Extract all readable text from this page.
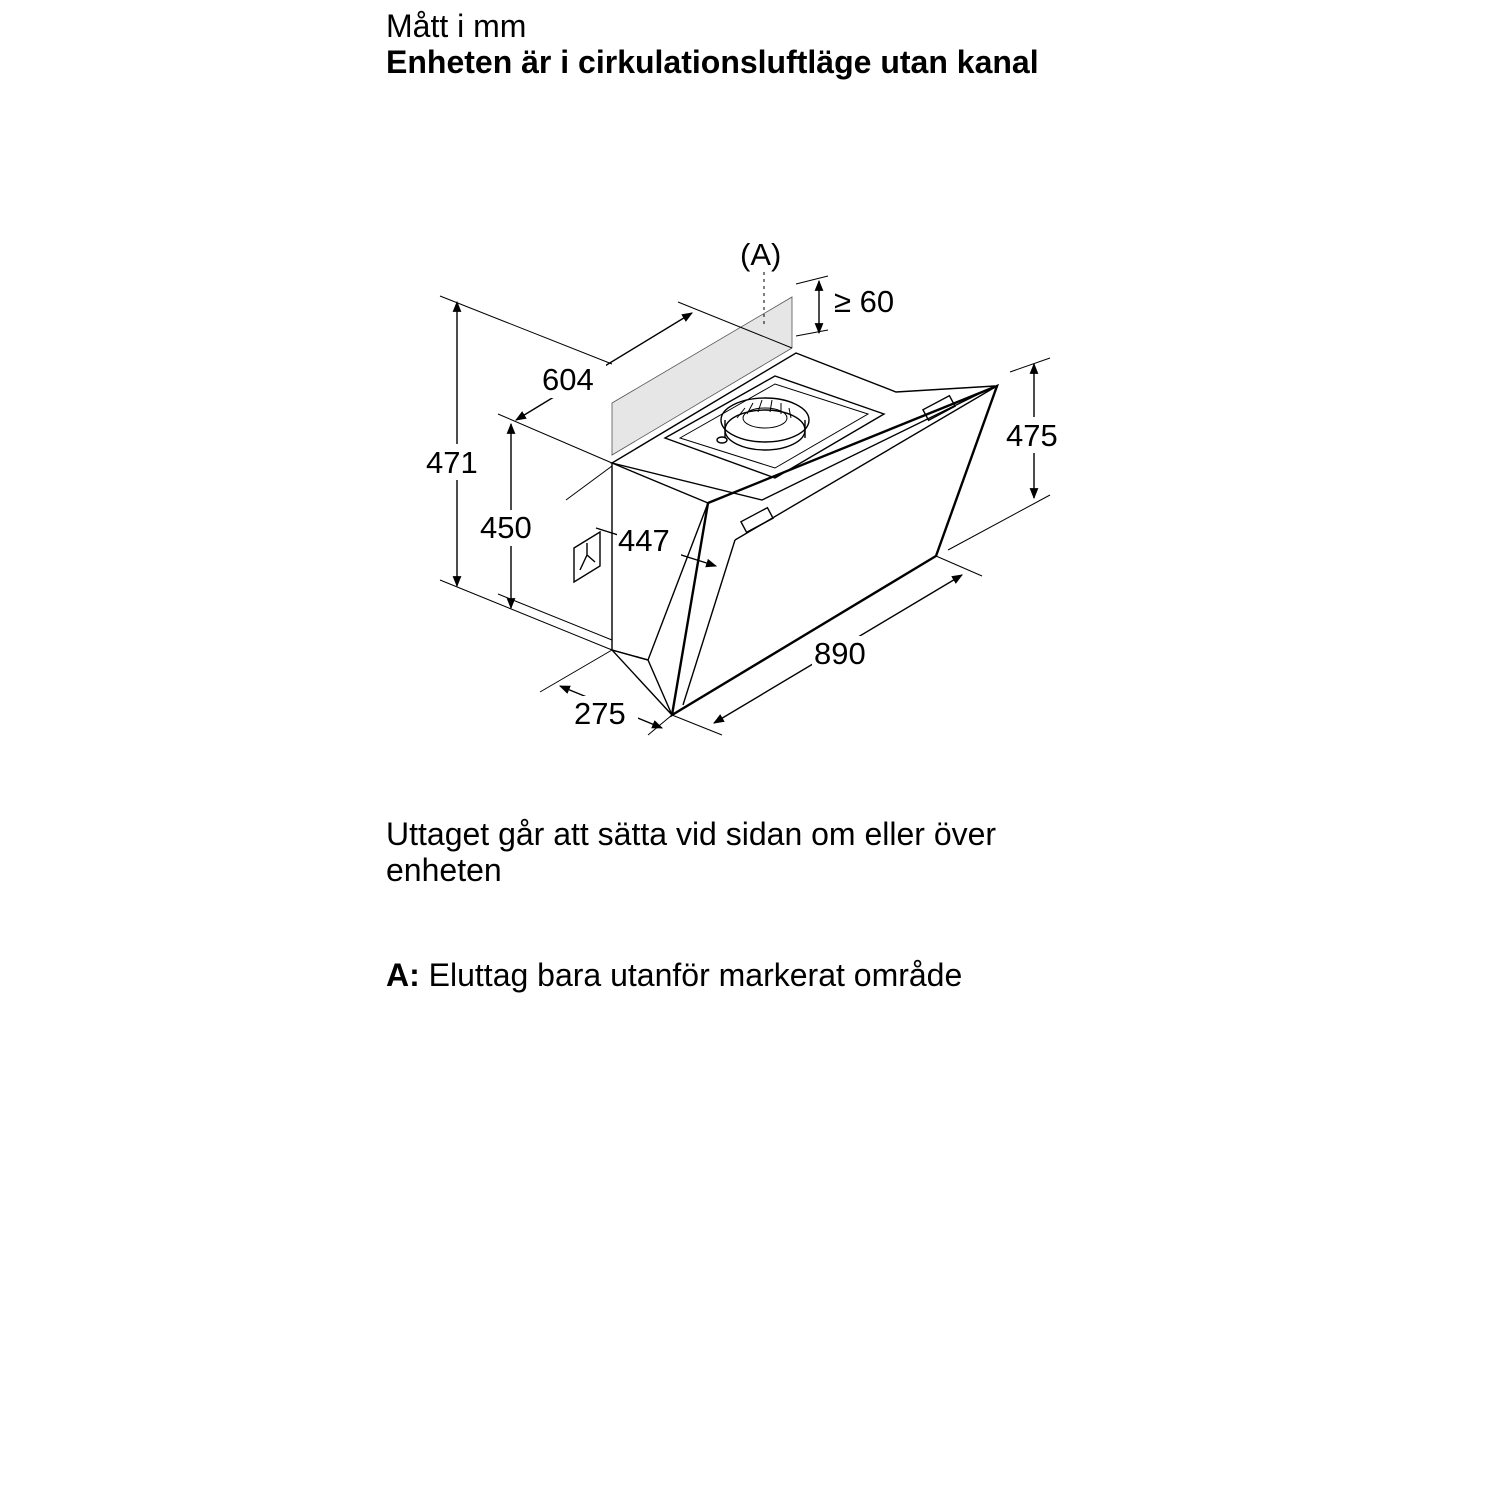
Mått i mm

Enheten är i cirkulationsluftläge utan kanal

(A)
471
450
604
≥ 60
475
447
890
275

Uttaget går att sätta vid sidan om eller över enheten

A: Eluttag bara utanför markerat område
